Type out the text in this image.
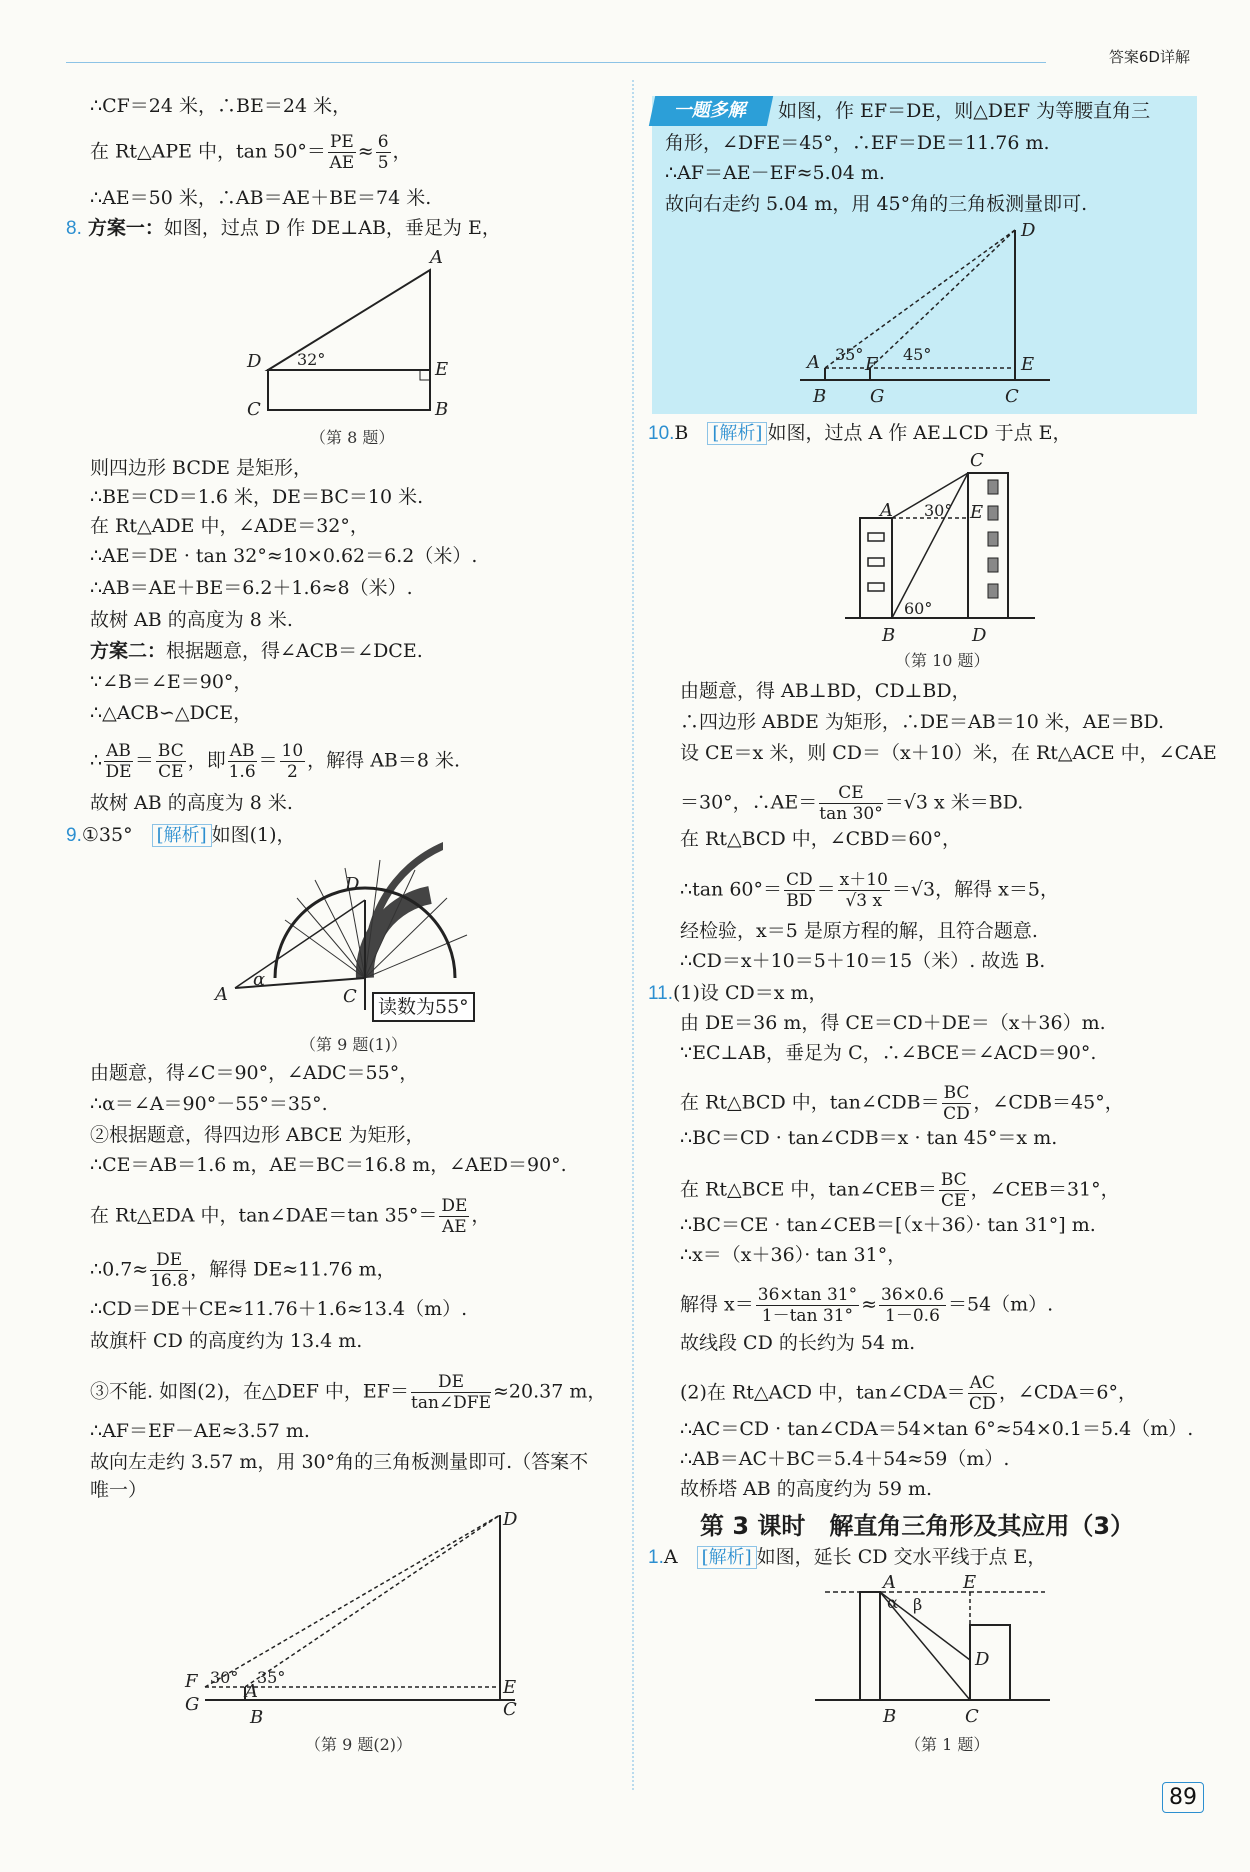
答案6D详解
∴CF＝24 米，∴BE＝24 米，
在 Rt△APE 中，$\tan 50^\circ= \frac{PE}{AE} \approx \frac{6}{5}$ ，
∴AE＝50 米，∴AB＝AE＋BE＝74 米.
8. 方案一：如图，过点 D 作 DE⊥AB，垂足为 E，
A
D	E
C	B
32°
（第 8 题）
则四边形 BCDE 是矩形，
∴BE＝CD＝1.6 米，DE＝BC＝10 米.
在 Rt△ADE 中，∠ADE＝32°，
∴AE＝DE · tan 32°≈10×0.62＝6.2（米）.
∴AB＝AE＋BE＝6.2＋1.6≈8（米）.
故树 AB 的高度为 8 米.
方案二：根据题意，得∠ACB＝∠DCE.
∵∠B＝∠E＝90°，
∴△ACB∽△DCE，
∴ $\frac{AB}{DE} = \frac{BC}{CE}$ ，即 $\frac{AB}{1.6} = \frac{10}{2}$ ，解得 AB＝8 米.
故树 AB 的高度为 8 米.
9.①35°　 [解析] 如图(1)，
A
α
D
C	读数为55°
（第 9 题(1)）
由题意，得∠C＝90°，∠ADC＝55°，
∴α＝∠A＝90°－55°＝35°.
②根据题意，得四边形 ABCE 为矩形，
∴CE＝AB＝1.6 m，AE＝BC＝16.8 m，∠AED＝90°.
在 Rt△EDA 中，tan∠DAE＝tan $35^\circ= \frac{DE}{AE}$ ，
∴0.7≈ $\frac{DE}{16.8}$ ，解得 DE≈11.76 m，
∴CD＝DE＋CE≈11.76＋1.6≈13.4（m）.
故旗杆 CD 的高度约为 13.4 m.
③不能. 如图(2)，在△DEF 中，$EF= \frac{DE}{\text{tan∠DFE}} \approx 20.37$ m，
∴AF＝EF－AE≈3.57 m.
故向左走约 3.57 m，用 30°角的三角板测量即可.（答案不
唯一）
D
F
G
A
B
E
C
30° 35°
（第 9 题(2)）
一题多解	如图，作 EF＝DE，则△DEF 为等腰直角三
角形，∠DFE＝45°，∴EF＝DE＝11.76 m.
∴AF＝AE－EF≈5.04 m.
故向右走约 5.04 m，用 45°角的三角板测量即可.
D
A
B
F
G
E
C
35° 45°
10.B　 [解析] 如图，过点 A 作 AE⊥CD 于点 E，
A
C
E
B	D
30°
60°
（第 10 题）
由题意，得 AB⊥BD，CD⊥BD，
∴四边形 ABDE 为矩形，∴DE＝AB＝10 米，AE＝BD.
设 CE＝x 米，则 CD＝（x＋10）米，在 Rt△ACE 中，∠CAE
＝30°，∴AE＝ $\frac{CE}{\tan 30^\circ} =√3$ x 米＝BD.
在 Rt△BCD 中，∠CBD＝60°，
∴tan $60^\circ= \frac{CD}{BD} = \frac{x+10}{√3 x} =√3$，解得 x＝5，
经检验，x＝5 是原方程的解，且符合题意.
∴CD＝x＋10＝5＋10＝15（米）. 故选 B.
11.(1)设 CD＝x m，
由 DE＝36 m，得 CE＝CD＋DE＝（x＋36）m.
∵EC⊥AB，垂足为 C，∴∠BCE＝∠ACD＝90°.
在 Rt△BCD 中，tan∠CDB＝ $\frac{BC}{CD}$ ，∠CDB＝45°，
∴BC＝CD · tan∠CDB＝x · tan 45°＝x m.
在 Rt△BCE 中，tan∠CEB＝ $\frac{BC}{CE}$ ，∠CEB＝31°，
∴BC＝CE · tan∠CEB＝[（x＋36）· tan 31°] m.
∴x＝（x＋36）· tan 31°，
解得 $x= \frac{36\times\tan 31^\circ}{1-\tan 31^\circ} \approx \frac{36\times 0.6}{1-0.6} =54(m)$.
故线段 CD 的长约为 54 m.
(2)在 Rt△ACD 中，tan∠CDA＝ $\frac{AC}{CD}$ ，∠CDA＝6°，
∴AC＝CD · tan∠CDA＝54×tan 6°≈54×0.1＝5.4（m）.
∴AB＝AC＋BC＝5.4＋54≈59（m）.
故桥塔 AB 的高度约为 59 m.
第 3 课时　解直角三角形及其应用（3）
1.A　 [解析] 如图，延长 CD 交水平线于点 E，
A	E
α β
D
B	C
（第 1 题）
89
